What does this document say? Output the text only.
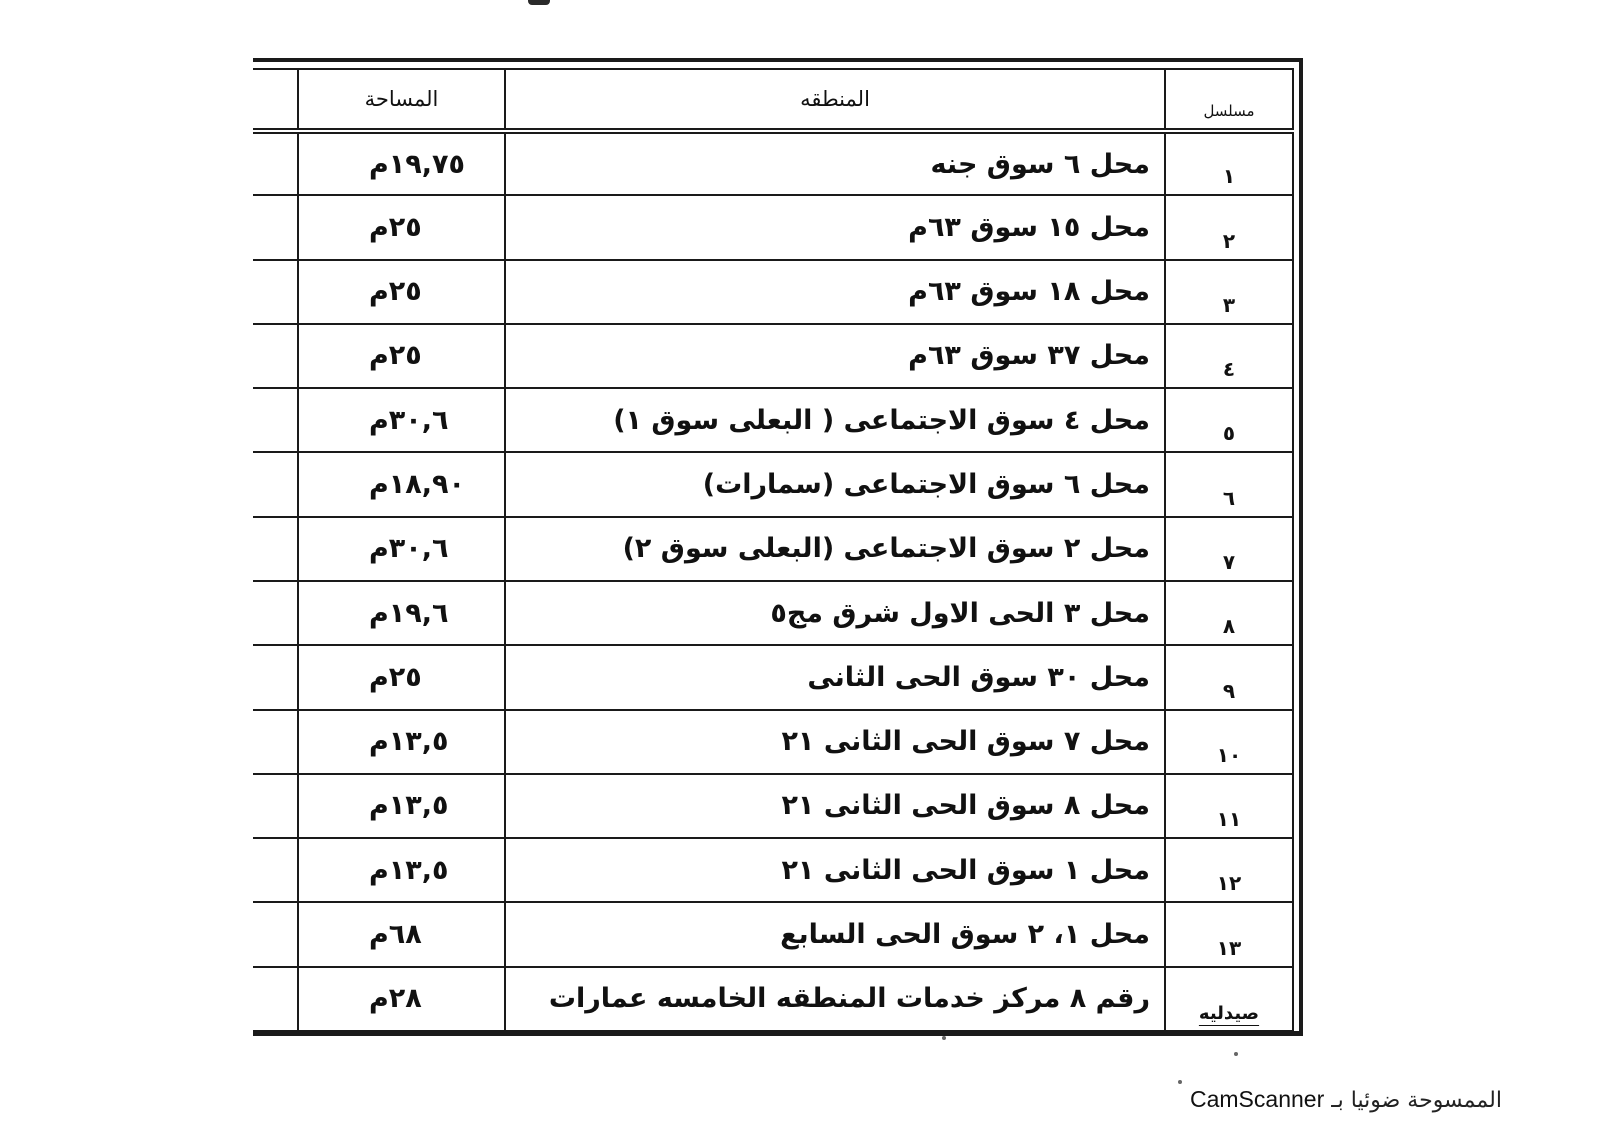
مسلسل	المنطقه	المساحة	
١	محل ٦ سوق جنه	١٩,٧٥م	
٢	محل ١٥ سوق ٦٣م	٢٥م	
٣	محل ١٨ سوق ٦٣م	٢٥م	
٤	محل ٣٧ سوق ٦٣م	٢٥م	
٥	محل ٤ سوق الاجتماعى ( البعلى سوق ١)	٣٠,٦م	
٦	محل ٦ سوق الاجتماعى (سمارات)	١٨,٩٠م	
٧	محل ٢ سوق الاجتماعى (البعلى سوق ٢)	٣٠,٦م	
٨	محل ٣ الحى الاول شرق مج٥	١٩,٦م	
٩	محل ٣٠ سوق الحى الثانى	٢٥م	
١٠	محل ٧ سوق الحى الثانى ٢١	١٣,٥م	
١١	محل ٨ سوق الحى الثانى ٢١	١٣,٥م	
١٢	محل ١ سوق الحى الثانى ٢١	١٣,٥م	
١٣	محل ١، ٢ سوق الحى السابع	٦٨م	
صيدليه	رقم ٨ مركز خدمات المنطقه الخامسه عمارات	٢٨م	
الممسوحة ضوئيا بـ CamScanner
